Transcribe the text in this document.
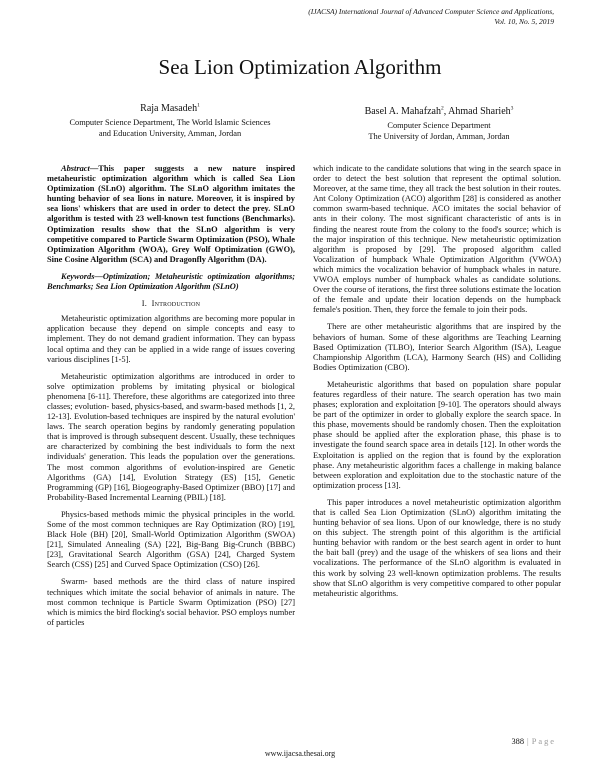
(IJACSA) International Journal of Advanced Computer Science and Applications,
Vol. 10, No. 5, 2019
Sea Lion Optimization Algorithm
Raja Masadeh$^1$
Computer Science Department, The World Islamic Sciences
and Education University, Amman, Jordan
Basel A. Mahafzah$^2$, Ahmad Sharieh$^3$
Computer Science Department
The University of Jordan, Amman, Jordan

Abstract—This paper suggests a new nature inspired metaheuristic optimization algorithm which is called Sea Lion Optimization (SLnO) algorithm. The SLnO algorithm imitates the hunting behavior of sea lions in nature. Moreover, it is inspired by sea lions' whiskers that are used in order to detect the prey. SLnO algorithm is tested with 23 well-known test functions (Benchmarks). Optimization results show that the SLnO algorithm is very competitive compared to Particle Swarm Optimization (PSO), Whale Optimization Algorithm (WOA), Grey Wolf Optimization (GWO), Sine Cosine Algorithm (SCA) and Dragonfly Algorithm (DA).

Keywords—Optimization; Metaheuristic optimization algorithms; Benchmarks; Sea Lion Optimization Algorithm (SLnO)

I. Introduction

Metaheuristic optimization algorithms are becoming more popular in application because they depend on simple concepts and easy to implement. They do not demand gradient information. They can bypass local optima and they can be applied in a wide range of issues covering various disciplines [1-5].

Metaheuristic optimization algorithms are introduced in order to solve optimization problems by imitating physical or biological phenomena [6-11]. Therefore, these algorithms are categorized into three classes; evolution- based, physics-based, and swarm-based methods [1, 2, 12-13]. Evolution-based techniques are inspired by the natural evolution' laws. The search operation begins by randomly generating population that is improved is through subsequent descent. Usually, these techniques are characterized by combining the best individuals to form the next individuals' generation. This leads the population over the generations. The most common algorithms of evolution-inspired are Genetic Algorithms (GA) [14], Evolution Strategy (ES) [15], Genetic Programming (GP) [16], Biogeography-Based Optimizer (BBO) [17] and Probability-Based Incremental Learning (PBIL) [18].

Physics-based methods mimic the physical principles in the world. Some of the most common techniques are Ray Optimization (RO) [19], Black Hole (BH) [20], Small-World Optimization Algorithm (SWOA) [21], Simulated Annealing (SA) [22], Big-Bang Big-Crunch (BBBC) [23], Gravitational Search Algorithm (GSA) [24], Charged System Search (CSS) [25] and Curved Space Optimization (CSO) [26].

Swarm- based methods are the third class of nature inspired techniques which imitate the social behavior of animals in nature. The most common technique is Particle Swarm Optimization (PSO) [27] which is mimics the bird flocking's social behavior. PSO employs number of particles

which indicate to the candidate solutions that wing in the search space in order to detect the best solution that represent the optimal solution. Moreover, at the same time, they all track the best solution in their routes. Ant Colony Optimization (ACO) algorithm [28] is considered as another common swarm-based technique. ACO imitates the social behavior of ants in their colony. The most significant characteristic of ants is in finding the nearest route from the colony to the food's source; which is the major inspiration of this technique. New metaheuristic optimization algorithm is proposed by [29]. The proposed algorithm called Vocalization of humpback Whale Optimization Algorithm (VWOA) which mimics the vocalization behavior of humpback whales in nature. VWOA employs number of humpback whales as candidate solutions. Over the course of iterations, the first three solutions estimate the location of the female and update their location depends on the humpback female's position. Then, they force the female to join their pods.

There are other metaheuristic algorithms that are inspired by the behaviors of human. Some of these algorithms are Teaching Learning Based Optimization (TLBO), Interior Search Algorithm (ISA), League Championship Algorithm (LCA), Harmony Search (HS) and Colliding Bodies Optimization (CBO).

Metaheuristic algorithms that based on population share popular features regardless of their nature. The search operation has two main phases; exploration and exploitation [9-10]. The operators should always be part of the optimizer in order to globally explore the search space. In this phase, movements should be randomly chosen. Then the exploitation phase should be applied after the exploration phase, this phase is to investigate the found search space area in details [12]. In other words the Exploitation is applied on the region that is found by the exploration phase. Any metaheuristic algorithm faces a challenge in making balance between exploration and exploitation due to the stochastic nature of the optimization process [13].

This paper introduces a novel metaheuristic optimization algorithm that is called Sea Lion Optimization (SLnO) algorithm imitating the hunting behavior of sea lions. Upon of our knowledge, there is no study on this subject. The strength point of this algorithm is the artificial hunting behavior with random or the best search agent in order to hunt the bait ball (prey) and the usage of the whiskers of sea lions and their vocalizations. The performance of the SLnO algorithm is evaluated in this work by solving 23 well-known optimization problems. The results show that SLnO algorithm is very competitive compared to other popular metaheuristic algorithms.

388 | Page
www.ijacsa.thesai.org
